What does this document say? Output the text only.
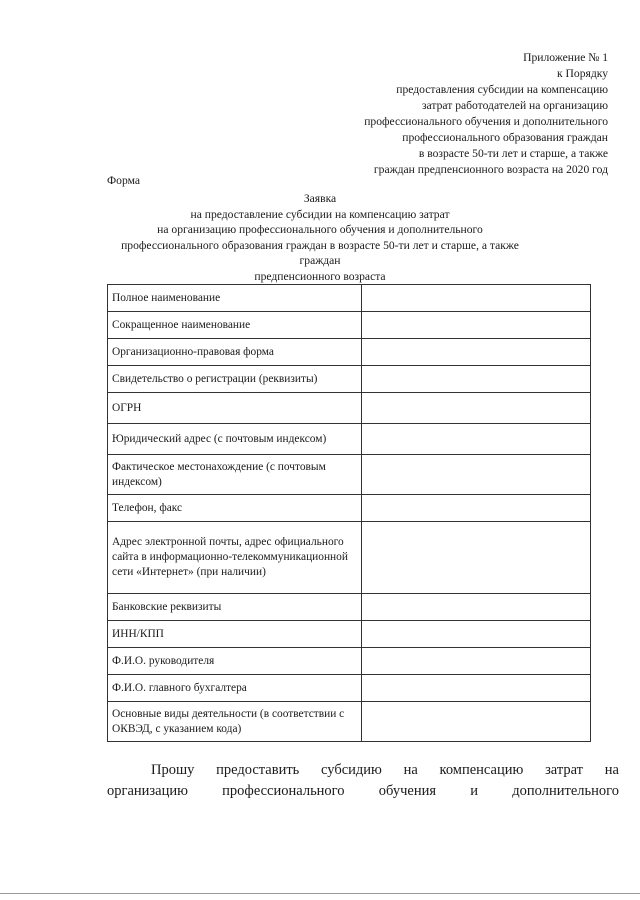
Приложение № 1
к Порядку
предоставления субсидии на компенсацию
затрат работодателей на организацию
профессионального обучения и дополнительного
профессионального образования граждан
в возрасте 50-ти лет и старше, а также
граждан предпенсионного возраста на 2020 год
Форма
Заявка
на предоставление субсидии на компенсацию затрат
на организацию профессионального обучения и дополнительного
профессионального образования граждан в возрасте 50-ти лет и старше, а также граждан
предпенсионного возраста
Полное наименование	
Сокращенное наименование	
Организационно-правовая форма	
Свидетельство о регистрации (реквизиты)	
ОГРН	
Юридический адрес (с почтовым индексом)	
Фактическое местонахождение (с почтовым индексом)	
Телефон, факс	
Адрес электронной почты, адрес официального сайта в информационно-телекоммуникационной сети «Интернет» (при наличии)	
Банковские реквизиты	
ИНН/КПП	
Ф.И.О. руководителя	
Ф.И.О. главного бухгалтера	
Основные виды деятельности (в соответствии с ОКВЭД, с указанием кода)	
Прошу предоставить субсидию на компенсацию затрат на
организацию профессионального обучения и дополнительного
